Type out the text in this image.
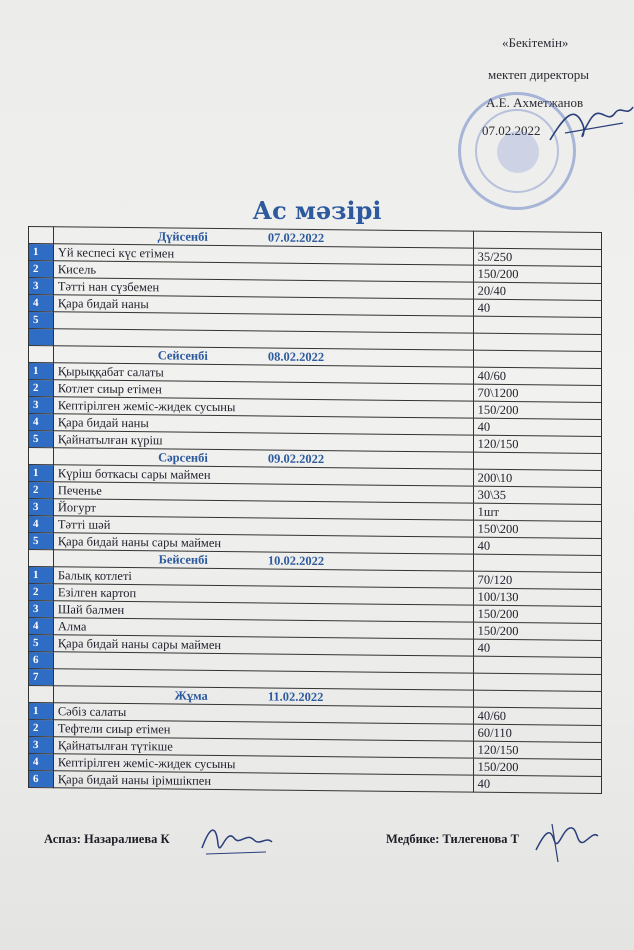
«Бекітемін»
мектеп директоры
А.Е. Ахметжанов
07.02.2022
Ас мәзірі
	Дүйсенбі 07.02.2022	
1	Үй кеспесі күс етімен	35/250
2	Кисель	150/200
3	Тәтті нан сүзбемен	20/40
4	Қара бидай наны	40
5		

	Сейсенбі 08.02.2022	
1	Қырыққабат салаты	40/60
2	Котлет сиыр етімен	70\1200
3	Кептірілген жеміс-жидек сусыны	150/200
4	Қара бидай наны	40
5	Қайнатылған күріш	120/150
	Сәрсенбі 09.02.2022	
1	Күріш боткасы сары маймен	200\10
2	Печенье	30\35
3	Йогурт	1шт
4	Тәтті шәй	150\200
5	Қара бидай наны сары маймен	40
	Бейсенбі 10.02.2022	
1	Балық котлеті	70/120
2	Езілген картоп	100/130
3	Шай балмен	150/200
4	Алма	150/200
5	Қара бидай наны сары маймен	40
6		
7		
	Жұма 11.02.2022	
1	Сәбіз салаты	40/60
2	Тефтели сиыр етімен	60/110
3	Қайнатылған түтікше	120/150
4	Кептірілген жеміс-жидек сусыны	150/200
6	Қара бидай наны ірімшікпен	40
Аспаз: Назаралиева К	Медбике: Тилегенова Т
